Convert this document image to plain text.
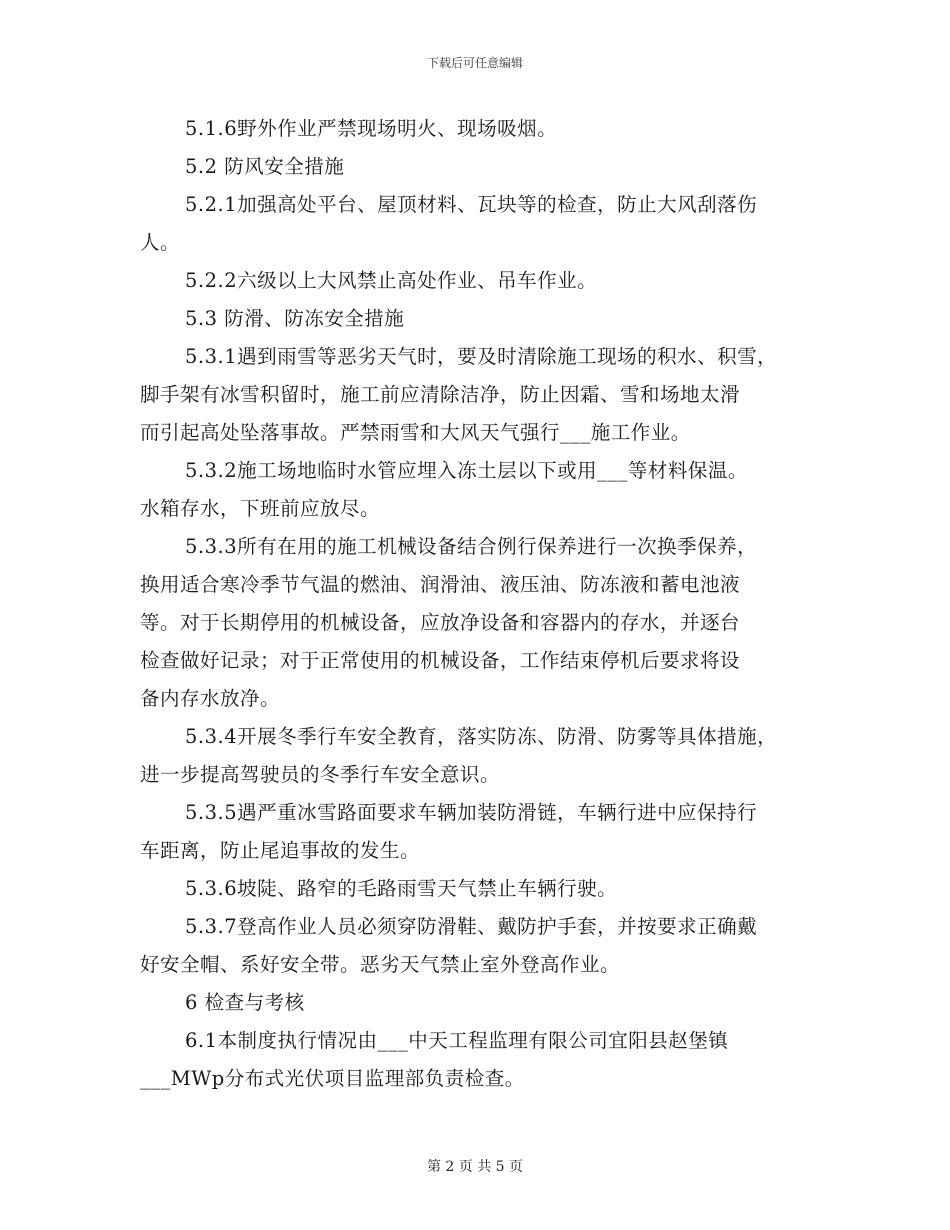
下载后可任意编辑
5.1.6野外作业严禁现场明火、现场吸烟。
5.2 防风安全措施
5.2.1加强高处平台、屋顶材料、瓦块等的检查，防止大风刮落伤
人。
5.2.2六级以上大风禁止高处作业、吊车作业。
5.3 防滑、防冻安全措施
5.3.1遇到雨雪等恶劣天气时，要及时清除施工现场的积水、积雪，
脚手架有冰雪积留时，施工前应清除洁净，防止因霜、雪和场地太滑
而引起高处坠落事故。严禁雨雪和大风天气强行___施工作业。
5.3.2施工场地临时水管应埋入冻土层以下或用___等材料保温。
水箱存水，下班前应放尽。
5.3.3所有在用的施工机械设备结合例行保养进行一次换季保养，
换用适合寒冷季节气温的燃油、润滑油、液压油、防冻液和蓄电池液
等。对于长期停用的机械设备，应放净设备和容器内的存水，并逐台
检查做好记录；对于正常使用的机械设备，工作结束停机后要求将设
备内存水放净。
5.3.4开展冬季行车安全教育，落实防冻、防滑、防雾等具体措施，
进一步提高驾驶员的冬季行车安全意识。
5.3.5遇严重冰雪路面要求车辆加装防滑链，车辆行进中应保持行
车距离，防止尾追事故的发生。
5.3.6坡陡、路窄的毛路雨雪天气禁止车辆行驶。
5.3.7登高作业人员必须穿防滑鞋、戴防护手套，并按要求正确戴
好安全帽、系好安全带。恶劣天气禁止室外登高作业。
6 检查与考核
6.1本制度执行情况由___中天工程监理有限公司宜阳县赵堡镇
___MWp分布式光伏项目监理部负责检查。
第 2 页 共 5 页
